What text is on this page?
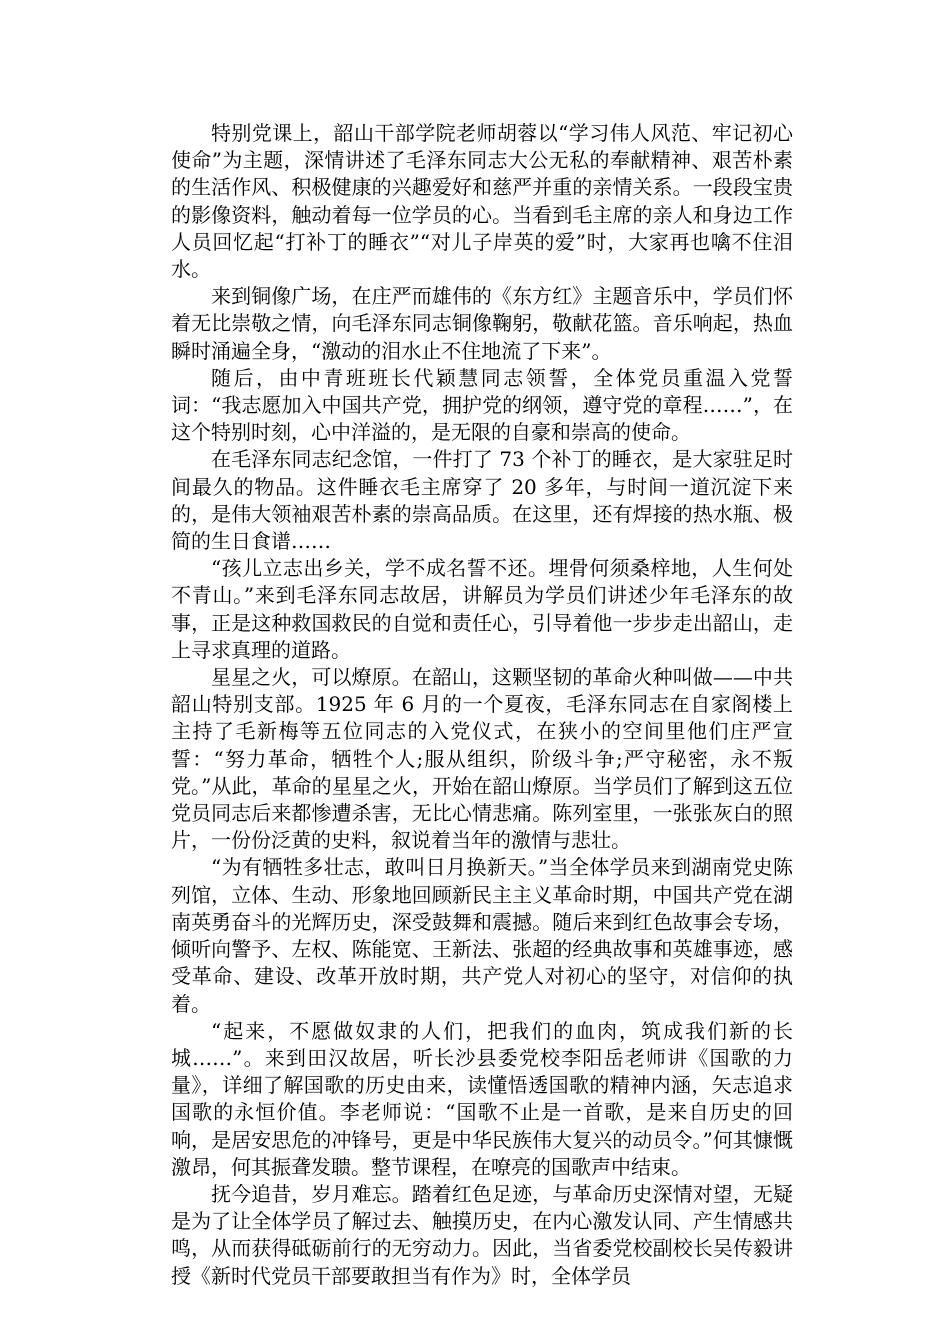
特别党课上，韶山干部学院老师胡蓉以“学习伟人风范、牢记初心使命”为主题，深情讲述了毛泽东同志大公无私的奉献精神、艰苦朴素的生活作风、积极健康的兴趣爱好和慈严并重的亲情关系。一段段宝贵的影像资料，触动着每一位学员的心。当看到毛主席的亲人和身边工作人员回忆起“打补丁的睡衣”“对儿子岸英的爱”时，大家再也噙不住泪水。

来到铜像广场，在庄严而雄伟的《东方红》主题音乐中，学员们怀着无比崇敬之情，向毛泽东同志铜像鞠躬，敬献花篮。音乐响起，热血瞬时涌遍全身，“激动的泪水止不住地流了下来”。

随后，由中青班班长代颖慧同志领誓，全体党员重温入党誓词：“我志愿加入中国共产党，拥护党的纲领，遵守党的章程……”，在这个特别时刻，心中洋溢的，是无限的自豪和崇高的使命。

在毛泽东同志纪念馆，一件打了 73 个补丁的睡衣，是大家驻足时间最久的物品。这件睡衣毛主席穿了 20 多年，与时间一道沉淀下来的，是伟大领袖艰苦朴素的崇高品质。在这里，还有焊接的热水瓶、极简的生日食谱……

“孩儿立志出乡关，学不成名誓不还。埋骨何须桑梓地，人生何处不青山。”来到毛泽东同志故居，讲解员为学员们讲述少年毛泽东的故事，正是这种救国救民的自觉和责任心，引导着他一步步走出韶山，走上寻求真理的道路。

星星之火，可以燎原。在韶山，这颗坚韧的革命火种叫做——中共韶山特别支部。1925 年 6 月的一个夏夜，毛泽东同志在自家阁楼上主持了毛新梅等五位同志的入党仪式，在狭小的空间里他们庄严宣誓：“努力革命，牺牲个人;服从组织，阶级斗争;严守秘密，永不叛党。”从此，革命的星星之火，开始在韶山燎原。当学员们了解到这五位党员同志后来都惨遭杀害，无比心情悲痛。陈列室里，一张张灰白的照片，一份份泛黄的史料，叙说着当年的激情与悲壮。

“为有牺牲多壮志，敢叫日月换新天。”当全体学员来到湖南党史陈列馆，立体、生动、形象地回顾新民主主义革命时期，中国共产党在湖南英勇奋斗的光辉历史，深受鼓舞和震撼。随后来到红色故事会专场，倾听向警予、左权、陈能宽、王新法、张超的经典故事和英雄事迹，感受革命、建设、改革开放时期，共产党人对初心的坚守，对信仰的执着。

“起来，不愿做奴隶的人们，把我们的血肉，筑成我们新的长城……”。来到田汉故居，听长沙县委党校李阳岳老师讲《国歌的力量》，详细了解国歌的历史由来，读懂悟透国歌的精神内涵，矢志追求国歌的永恒价值。李老师说：“国歌不止是一首歌，是来自历史的回响，是居安思危的冲锋号，更是中华民族伟大复兴的动员令。”何其慷慨激昂，何其振聋发聩。整节课程，在嘹亮的国歌声中结束。

抚今追昔，岁月难忘。踏着红色足迹，与革命历史深情对望，无疑是为了让全体学员了解过去、触摸历史，在内心激发认同、产生情感共鸣，从而获得砥砺前行的无穷动力。因此，当省委党校副校长吴传毅讲授《新时代党员干部要敢担当有作为》时，全体学员
